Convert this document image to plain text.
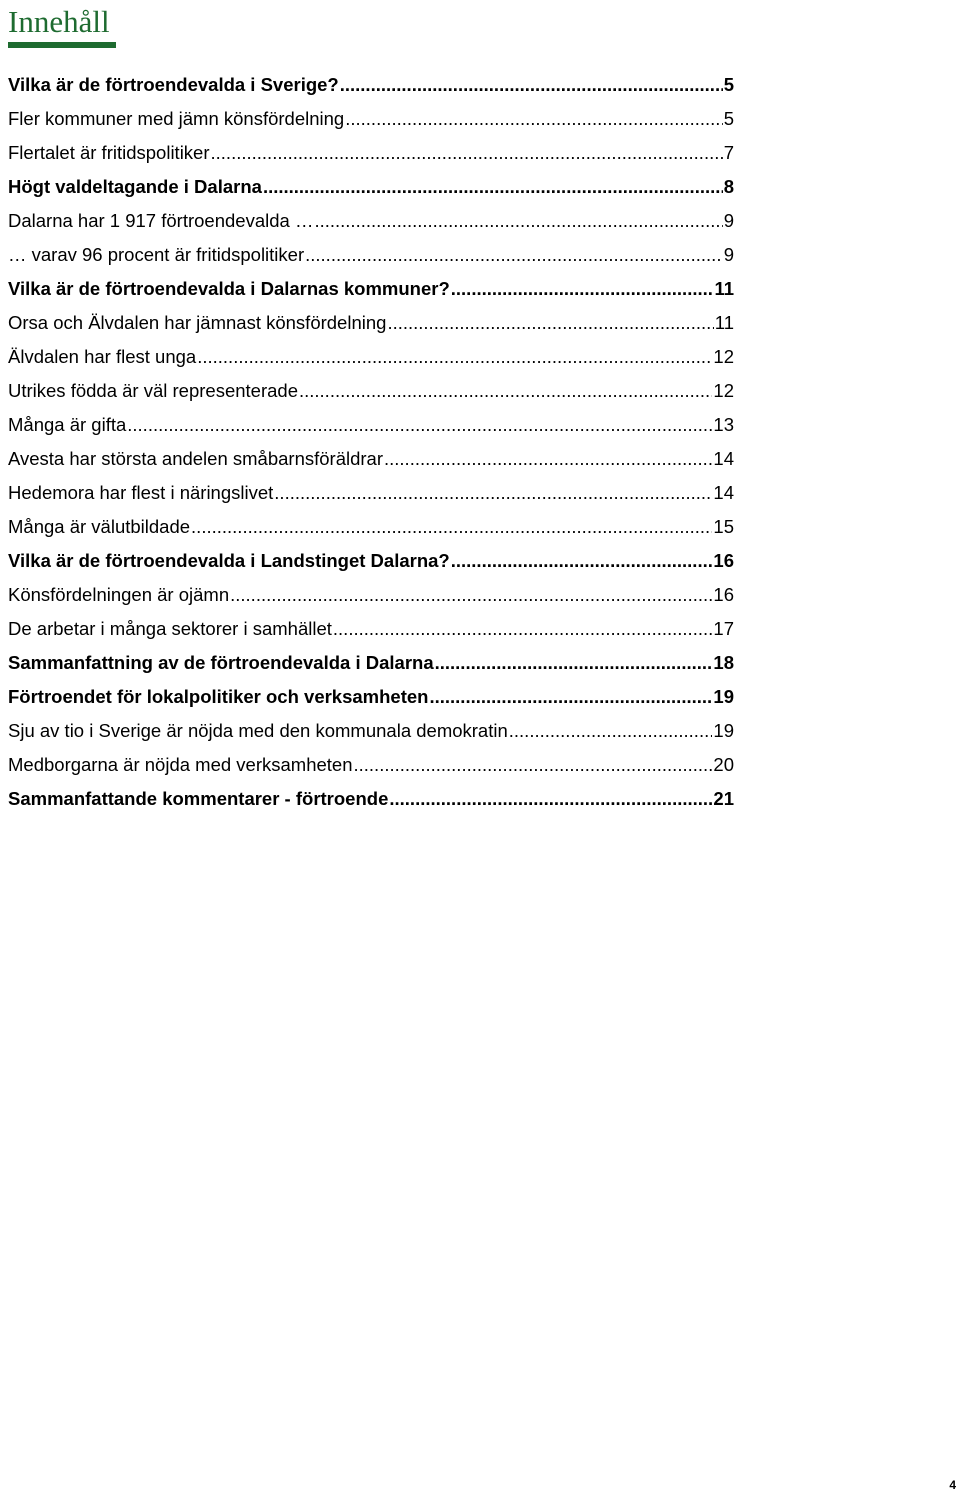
Innehåll
Vilka är de förtroendevalda i Sverige? .....	5
Fler kommuner med jämn könsfördelning .....	5
Flertalet är fritidspolitiker .....	7
Högt valdeltagande i Dalarna .....	8
Dalarna har 1 917 förtroendevalda … .....	9
… varav 96 procent är fritidspolitiker .....	9
Vilka är de förtroendevalda i Dalarnas kommuner? .....	11
Orsa och Älvdalen har jämnast könsfördelning .....	11
Älvdalen har flest unga .....	12
Utrikes födda är väl representerade .....	12
Många är gifta .....	13
Avesta har största andelen småbarnsföräldrar .....	14
Hedemora har flest i näringslivet .....	14
Många är välutbildade .....	15
Vilka är de förtroendevalda i Landstinget Dalarna? .....	16
Könsfördelningen är ojämn .....	16
De arbetar i många sektorer i samhället .....	17
Sammanfattning av de förtroendevalda i Dalarna .....	18
Förtroendet för lokalpolitiker och verksamheten .....	19
Sju av tio i Sverige är nöjda med den kommunala demokratin .....	19
Medborgarna är nöjda med verksamheten .....	20
Sammanfattande kommentarer - förtroende .....	21
4
